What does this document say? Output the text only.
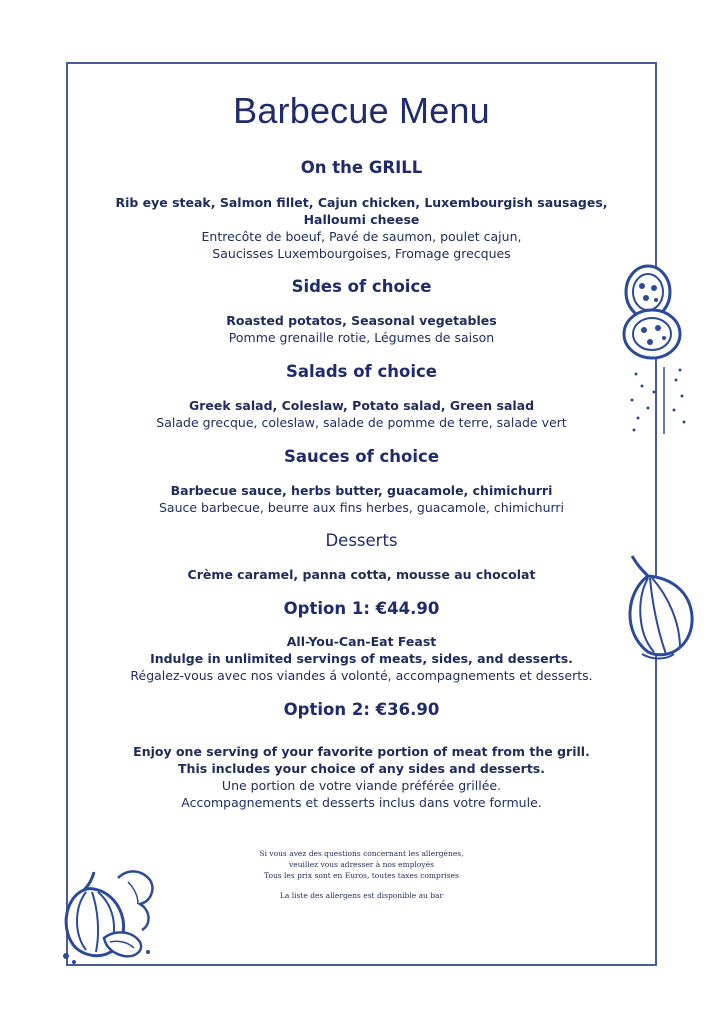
Barbecue Menu
On the GRILL
Rib eye steak, Salmon fillet, Cajun chicken, Luxembourgish sausages,
Halloumi cheese
Entrecôte de boeuf, Pavé de saumon, poulet cajun,
Saucisses Luxembourgoises, Fromage grecques
Sides of choice
Roasted potatos, Seasonal vegetables
Pomme grenaille rotie, Légumes de saison
Salads of choice
Greek salad, Coleslaw, Potato salad, Green salad
Salade grecque, coleslaw, salade de pomme de terre, salade vert
Sauces of choice
Barbecue sauce, herbs butter, guacamole, chimichurri
Sauce barbecue, beurre aux fins herbes, guacamole, chimichurri
Desserts
Crème caramel, panna cotta, mousse au chocolat
Option 1: €44.90
All-You-Can-Eat Feast
Indulge in unlimited servings of meats, sides, and desserts.
Régalez-vous avec nos viandes á volonté, accompagnements et desserts.
Option 2: €36.90
Enjoy one serving of your favorite portion of meat from the grill.
This includes your choice of any sides and desserts.
Une portion de votre viande préférée grillée.
Accompagnements et desserts inclus dans votre formule.
Si vous avez des questions concernant les allergènes,
veuillez vous adresser à nos employés
Tous les prix sont en Euros, toutes taxes comprises
La liste des allergens est disponible au bar
